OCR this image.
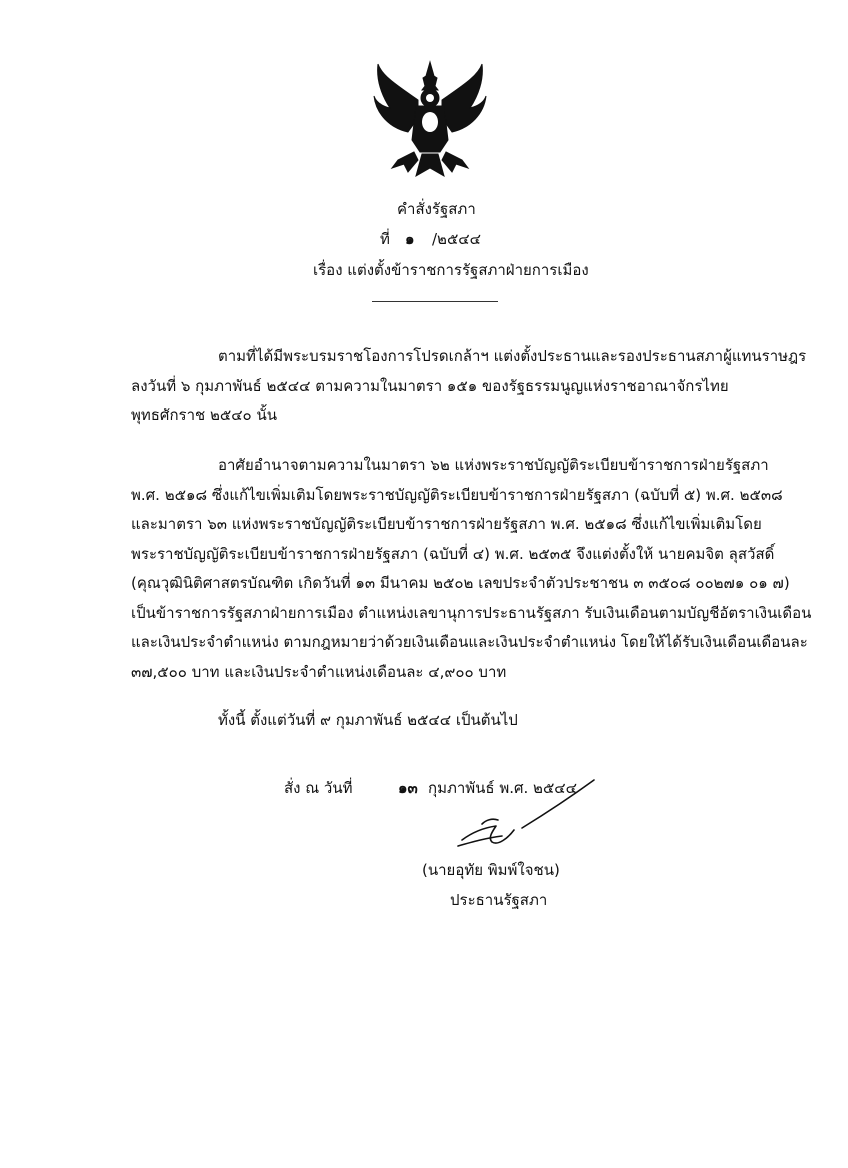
คำสั่งรัฐสภา
ที่ ๑ /๒๕๔๔
เรื่อง แต่งตั้งข้าราชการรัฐสภาฝ่ายการเมือง
ตามที่ได้มีพระบรมราชโองการโปรดเกล้าฯ แต่งตั้งประธานและรองประธานสภาผู้แทนราษฎร
ลงวันที่ ๖ กุมภาพันธ์ ๒๕๔๔ ตามความในมาตรา ๑๕๑ ของรัฐธรรมนูญแห่งราชอาณาจักรไทย
พุทธศักราช ๒๕๔๐ นั้น
อาศัยอำนาจตามความในมาตรา ๖๒ แห่งพระราชบัญญัติระเบียบข้าราชการฝ่ายรัฐสภา
พ.ศ. ๒๕๑๘ ซึ่งแก้ไขเพิ่มเติมโดยพระราชบัญญัติระเบียบข้าราชการฝ่ายรัฐสภา (ฉบับที่ ๕) พ.ศ. ๒๕๓๘
และมาตรา ๖๓ แห่งพระราชบัญญัติระเบียบข้าราชการฝ่ายรัฐสภา พ.ศ. ๒๕๑๘ ซึ่งแก้ไขเพิ่มเติมโดย
พระราชบัญญัติระเบียบข้าราชการฝ่ายรัฐสภา (ฉบับที่ ๔) พ.ศ. ๒๕๓๕ จึงแต่งตั้งให้ นายคมจิต ลุสวัสดิ์
(คุณวุฒินิติศาสตรบัณฑิต เกิดวันที่ ๑๓ มีนาคม ๒๕๐๒ เลขประจำตัวประชาชน ๓ ๓๕๐๘ ๐๐๒๗๑ ๐๑ ๗)
เป็นข้าราชการรัฐสภาฝ่ายการเมือง ตำแหน่งเลขานุการประธานรัฐสภา รับเงินเดือนตามบัญชีอัตราเงินเดือน
และเงินประจำตำแหน่ง ตามกฎหมายว่าด้วยเงินเดือนและเงินประจำตำแหน่ง โดยให้ได้รับเงินเดือนเดือนละ
๓๗,๕๐๐ บาท และเงินประจำตำแหน่งเดือนละ ๔,๙๐๐ บาท
ทั้งนี้ ตั้งแต่วันที่ ๙ กุมภาพันธ์ ๒๕๔๔ เป็นต้นไป
สั่ง ณ วันที่	๑๓ กุมภาพันธ์ พ.ศ. ๒๕๔๔
(นายอุทัย พิมพ์ใจชน)
ประธานรัฐสภา
